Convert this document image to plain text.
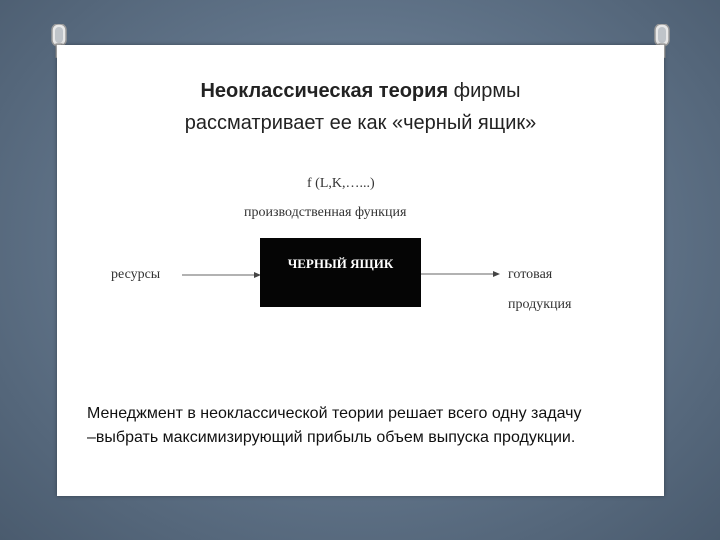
Неоклассическая теория фирмы
рассматривает ее как «черный ящик»
f (L,K,…...)
производственная функция
ресурсы
ЧЕРНЫЙ ЯЩИК
готовая
продукция
Менеджмент в неоклассической теории решает всего одну задачу
–выбрать максимизирующий прибыль объем выпуска продукции.
